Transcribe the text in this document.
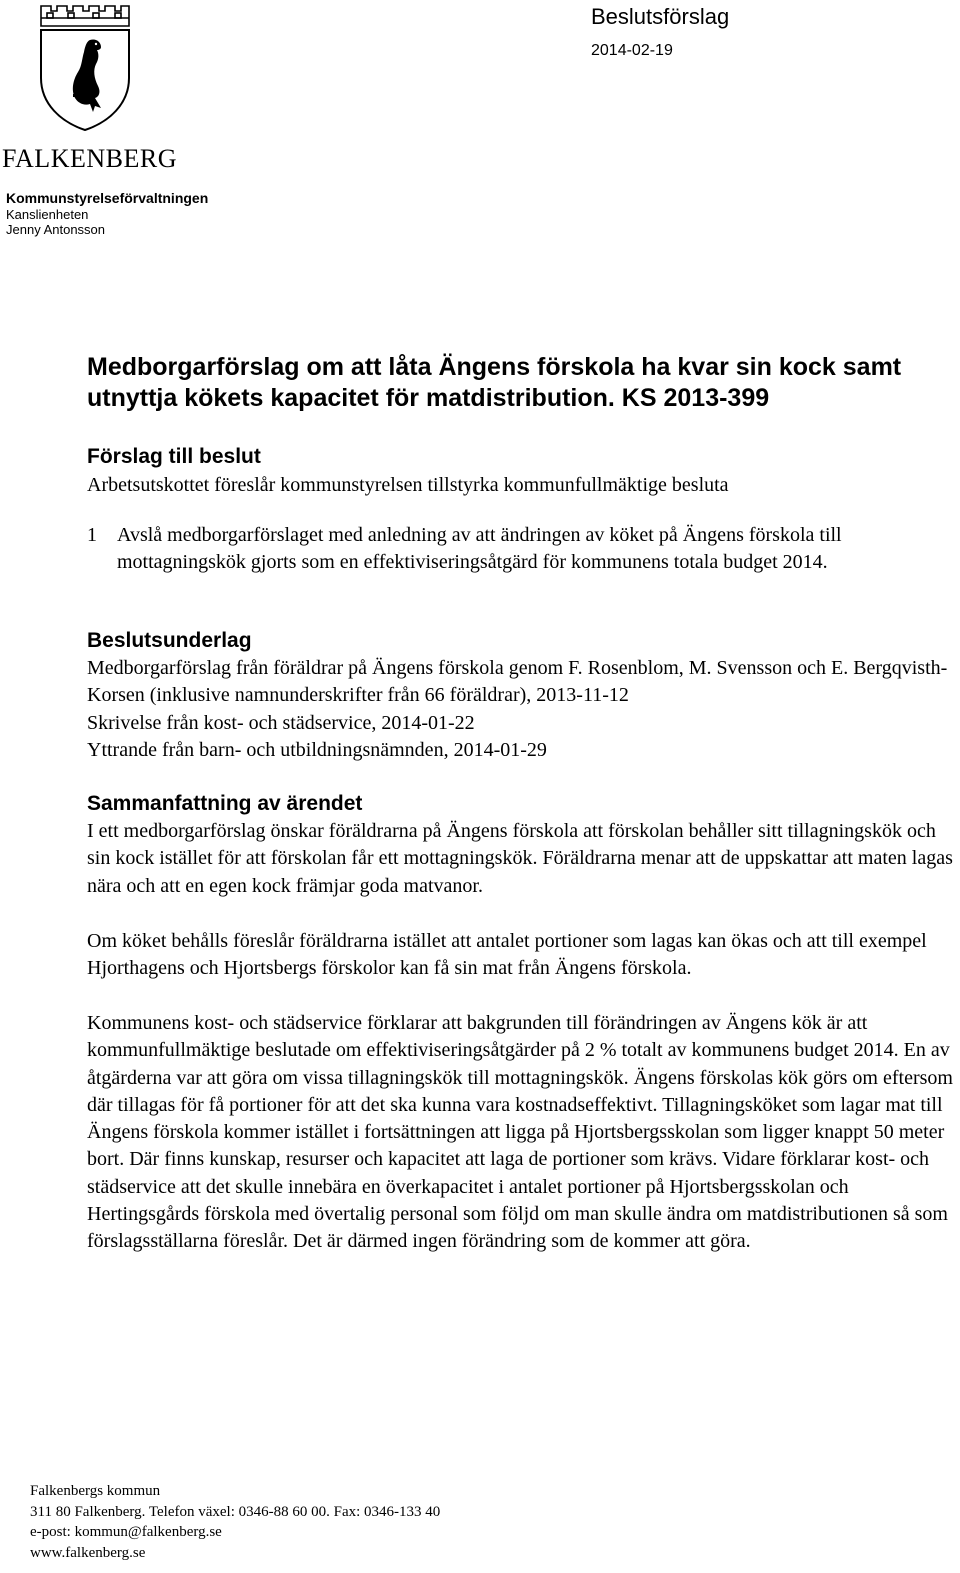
FALKENBERG
Kommunstyrelseförvaltningen
Kanslienheten
Jenny Antonsson
Beslutsförslag
2014-02-19
Medborgarförslag om att låta Ängens förskola ha kvar sin kock samt utnyttja kökets kapacitet för matdistribution. KS 2013-399
Förslag till beslut
Arbetsutskottet föreslår kommunstyrelsen tillstyrka kommunfullmäktige besluta
1	Avslå medborgarförslaget med anledning av att ändringen av köket på Ängens förskola till mottagningskök gjorts som en effektiviseringsåtgärd för kommunens totala budget 2014.
Beslutsunderlag
Medborgarförslag från föräldrar på Ängens förskola genom F. Rosenblom, M. Svensson och E. Bergqvisth-Korsen (inklusive namnunderskrifter från 66 föräldrar), 2013-11-12
Skrivelse från kost- och städservice, 2014-01-22
Yttrande från barn- och utbildningsnämnden, 2014-01-29
Sammanfattning av ärendet
I ett medborgarförslag önskar föräldrarna på Ängens förskola att förskolan behåller sitt tillagningskök och sin kock istället för att förskolan får ett mottagningskök. Föräldrarna menar att de uppskattar att maten lagas nära och att en egen kock främjar goda matvanor.
Om köket behålls föreslår föräldrarna istället att antalet portioner som lagas kan ökas och att till exempel Hjorthagens och Hjortsbergs förskolor kan få sin mat från Ängens förskola.
Kommunens kost- och städservice förklarar att bakgrunden till förändringen av Ängens kök är att kommunfullmäktige beslutade om effektiviseringsåtgärder på 2 % totalt av kommunens budget 2014. En av åtgärderna var att göra om vissa tillagningskök till mottagningskök. Ängens förskolas kök görs om eftersom där tillagas för få portioner för att det ska kunna vara kostnadseffektivt. Tillagningsköket som lagar mat till Ängens förskola kommer istället i fortsättningen att ligga på Hjortsbergsskolan som ligger knappt 50 meter bort. Där finns kunskap, resurser och kapacitet att laga de portioner som krävs. Vidare förklarar kost- och städservice att det skulle innebära en överkapacitet i antalet portioner på Hjortsbergsskolan och Hertingsgårds förskola med övertalig personal som följd om man skulle ändra om matdistributionen så som förslagsställarna föreslår. Det är därmed ingen förändring som de kommer att göra.
Falkenbergs kommun
311 80 Falkenberg. Telefon växel: 0346-88 60 00. Fax: 0346-133 40
e-post: kommun@falkenberg.se
www.falkenberg.se
